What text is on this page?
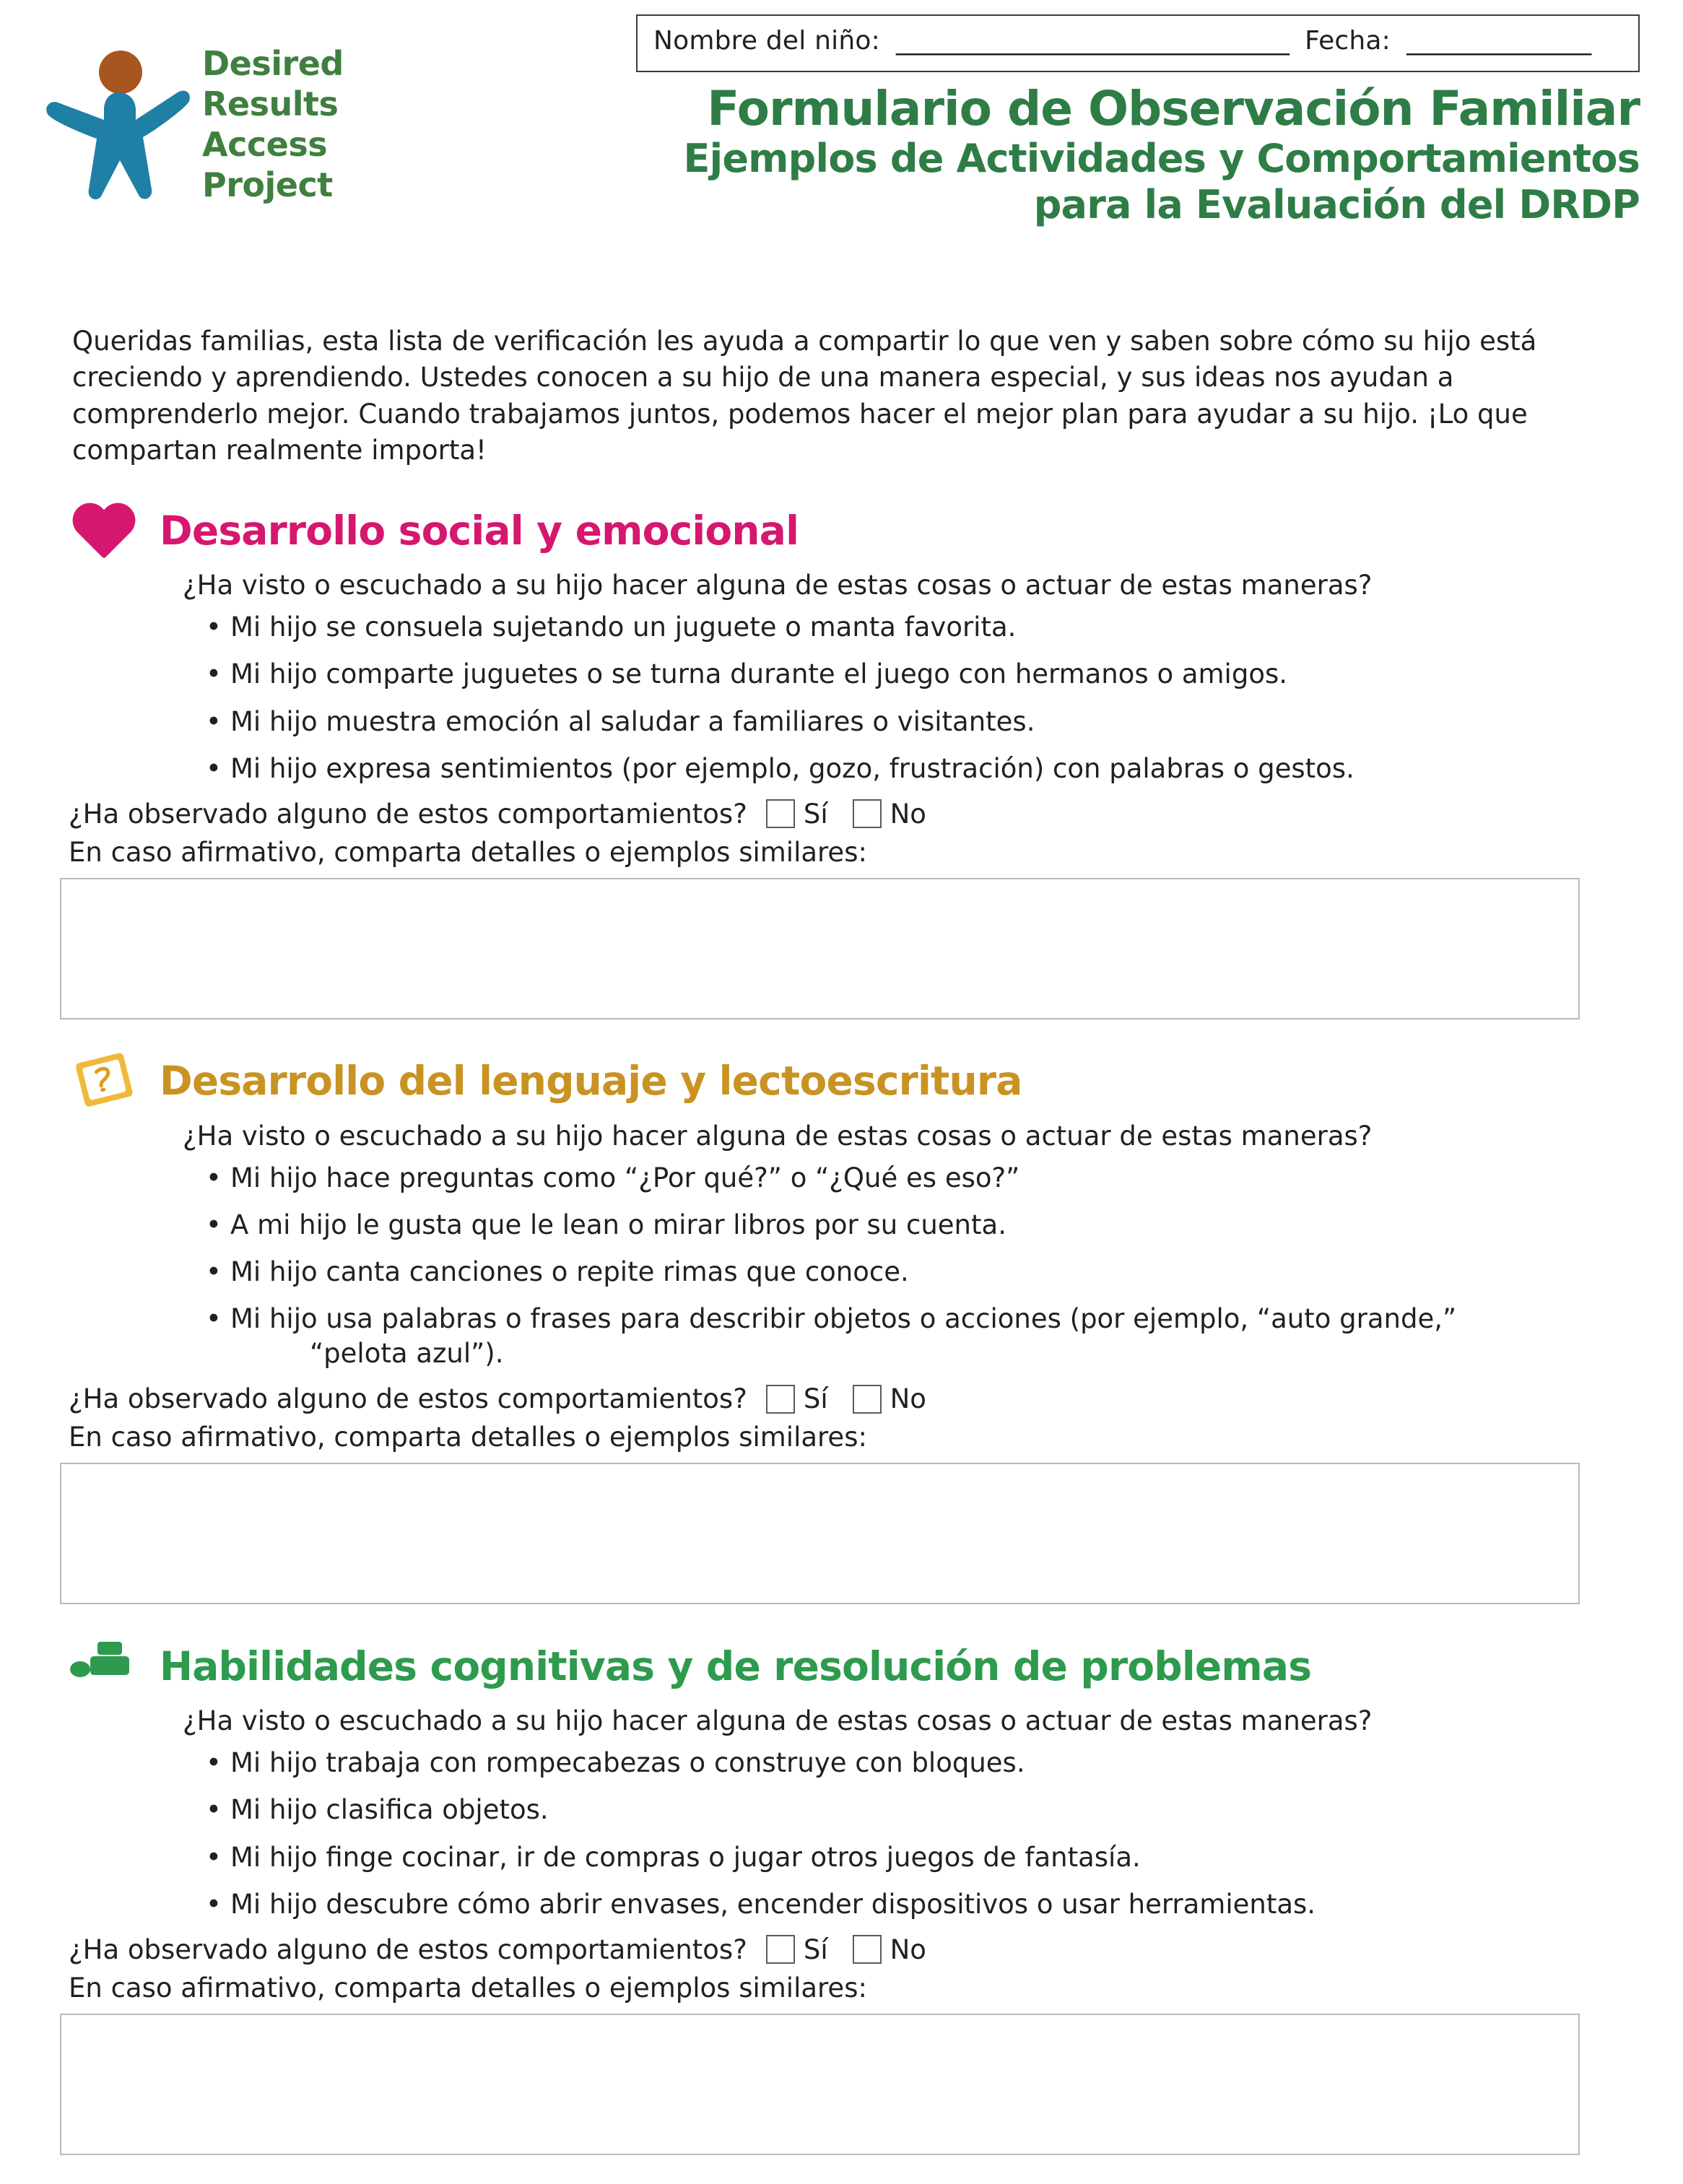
Desired
Results
Access
Project
Nombre del niño:  ________________________________  Fecha:  _______________
Formulario de Observación Familiar
Ejemplos de Actividades y Comportamientos
para la Evaluación del DRDP
Queridas familias, esta lista de verificación les ayuda a compartir lo que ven y saben sobre cómo su hijo está creciendo y aprendiendo. Ustedes conocen a su hijo de una manera especial, y sus ideas nos ayudan a comprenderlo mejor. Cuando trabajamos juntos, podemos hacer el mejor plan para ayudar a su hijo. ¡Lo que compartan realmente importa!
Desarrollo social y emocional
¿Ha visto o escuchado a su hijo hacer alguna de estas cosas o actuar de estas maneras?
• Mi hijo se consuela sujetando un juguete o manta favorita.
• Mi hijo comparte juguetes o se turna durante el juego con hermanos o amigos.
• Mi hijo muestra emoción al saludar a familiares o visitantes.
• Mi hijo expresa sentimientos (por ejemplo, gozo, frustración) con palabras o gestos.
¿Ha observado alguno de estos comportamientos? Sí No
En caso afirmativo, comparta detalles o ejemplos similares:
Desarrollo del lenguaje y lectoescritura
¿Ha visto o escuchado a su hijo hacer alguna de estas cosas o actuar de estas maneras?
• Mi hijo hace preguntas como “¿Por qué?” o “¿Qué es eso?”
• A mi hijo le gusta que le lean o mirar libros por su cuenta.
• Mi hijo canta canciones o repite rimas que conoce.
• Mi hijo usa palabras o frases para describir objetos o acciones (por ejemplo, “auto grande,”
“pelota azul”).
¿Ha observado alguno de estos comportamientos? Sí No
En caso afirmativo, comparta detalles o ejemplos similares:
Habilidades cognitivas y de resolución de problemas
¿Ha visto o escuchado a su hijo hacer alguna de estas cosas o actuar de estas maneras?
• Mi hijo trabaja con rompecabezas o construye con bloques.
• Mi hijo clasifica objetos.
• Mi hijo finge cocinar, ir de compras o jugar otros juegos de fantasía.
• Mi hijo descubre cómo abrir envases, encender dispositivos o usar herramientas.
¿Ha observado alguno de estos comportamientos? Sí No
En caso afirmativo, comparta detalles o ejemplos similares:
